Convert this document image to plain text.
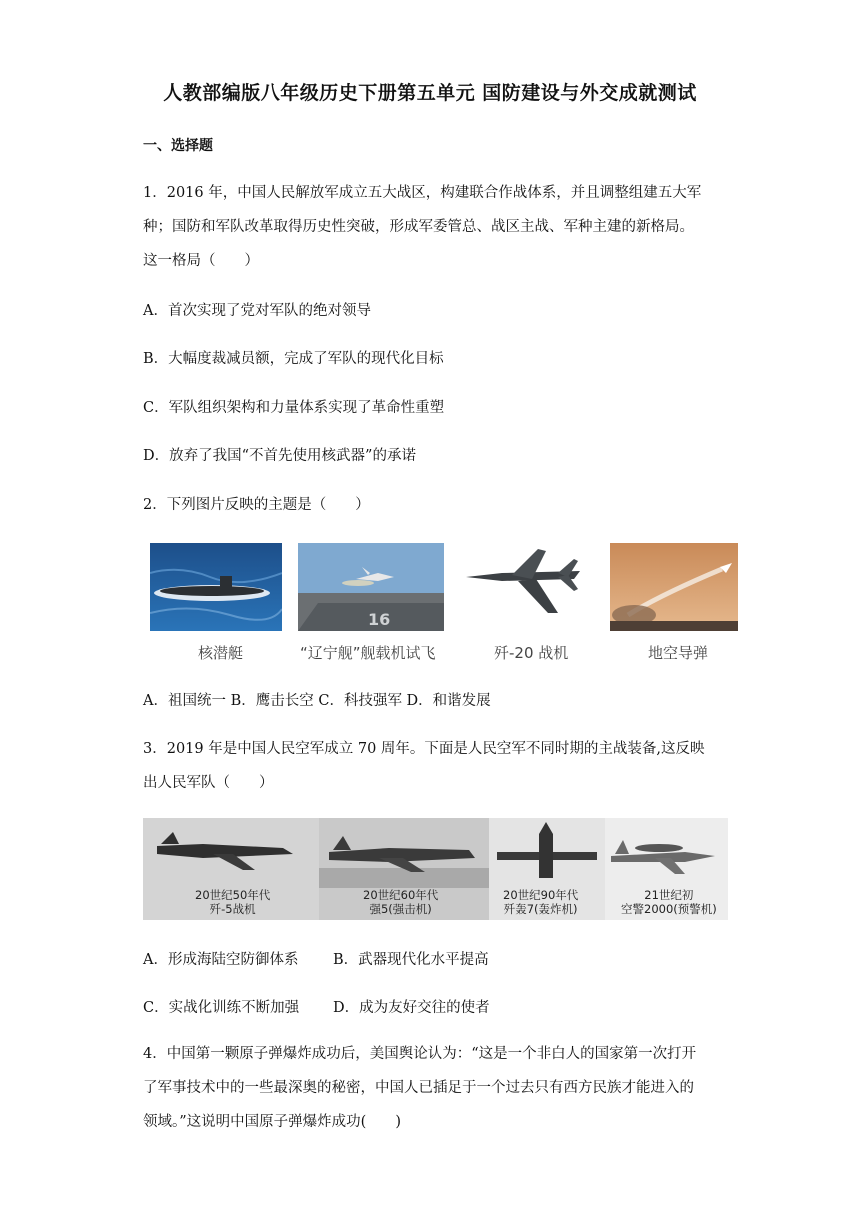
人教部编版八年级历史下册第五单元 国防建设与外交成就测试
一、选择题

1．2016 年，中国人民解放军成立五大战区，构建联合作战体系，并且调整组建五大军

种；国防和军队改革取得历史性突破，形成军委管总、战区主战、军种主建的新格局。

这一格局（　　）

A．首次实现了党对军队的绝对领导
B．大幅度裁减员额，完成了军队的现代化目标
C．军队组织架构和力量体系实现了革命性重塑
D．放弃了我国“不首先使用核武器”的承诺
2．下列图片反映的主题是（　　）
16
核潜艇	“辽宁舰”舰载机试飞	歼-20 战机	地空导弹
A．祖国统一 B．鹰击长空 C．科技强军 D．和谐发展

3．2019 年是中国人民空军成立 70 周年。下面是人民空军不同时期的主战装备,这反映

出人民军队（　　）

20世纪50年代
歼-5战机
20世纪60年代
强5(强击机)
20世纪90年代
歼轰7(轰炸机)
21世纪初
空警2000(预警机)
A．形成海陆空防御体系 B．武器现代化水平提高
C．实战化训练不断加强 D．成为友好交往的使者

4．中国第一颗原子弹爆炸成功后，美国舆论认为：“这是一个非白人的国家第一次打开

了军事技术中的一些最深奥的秘密，中国人已插足于一个过去只有西方民族才能进入的

领域。”这说明中国原子弹爆炸成功(　　)
